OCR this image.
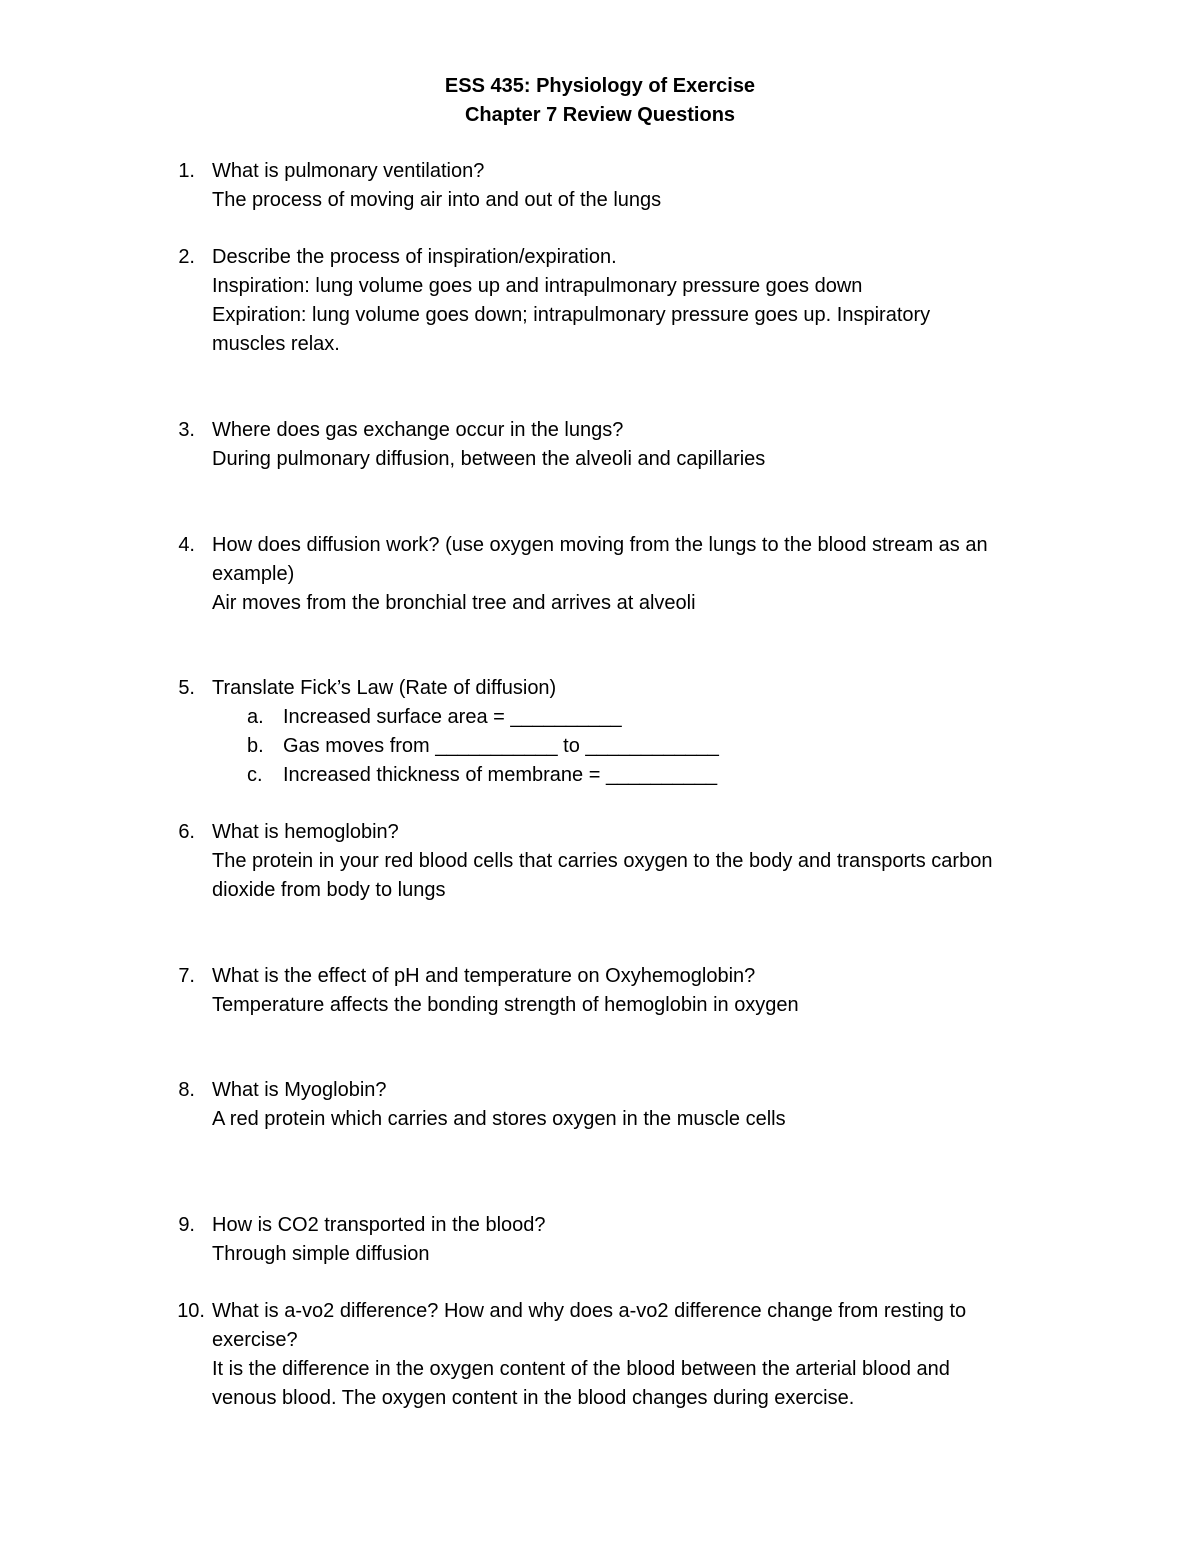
ESS 435: Physiology of Exercise
Chapter 7 Review Questions
1. What is pulmonary ventilation?
The process of moving air into and out of the lungs
2. Describe the process of inspiration/expiration.
Inspiration: lung volume goes up and intrapulmonary pressure goes down
Expiration: lung volume goes down; intrapulmonary pressure goes up. Inspiratory
muscles relax.
3. Where does gas exchange occur in the lungs?
During pulmonary diffusion, between the alveoli and capillaries
4. How does diffusion work? (use oxygen moving from the lungs to the blood stream as an
example)
Air moves from the bronchial tree and arrives at alveoli
5. Translate Fick’s Law (Rate of diffusion)
a. Increased surface area = __________
b. Gas moves from ___________ to ____________
c.	Increased thickness of membrane = __________
6. What is hemoglobin?
The protein in your red blood cells that carries oxygen to the body and transports carbon
dioxide from body to lungs
7. What is the effect of pH and temperature on Oxyhemoglobin?
Temperature affects the bonding strength of hemoglobin in oxygen
8. What is Myoglobin?
A red protein which carries and stores oxygen in the muscle cells
9. How is CO2 transported in the blood?
Through simple diffusion
10. What is a-vo2 difference? How and why does a-vo2 difference change from resting to
exercise?
It is the difference in the oxygen content of the blood between the arterial blood and
venous blood. The oxygen content in the blood changes during exercise.
